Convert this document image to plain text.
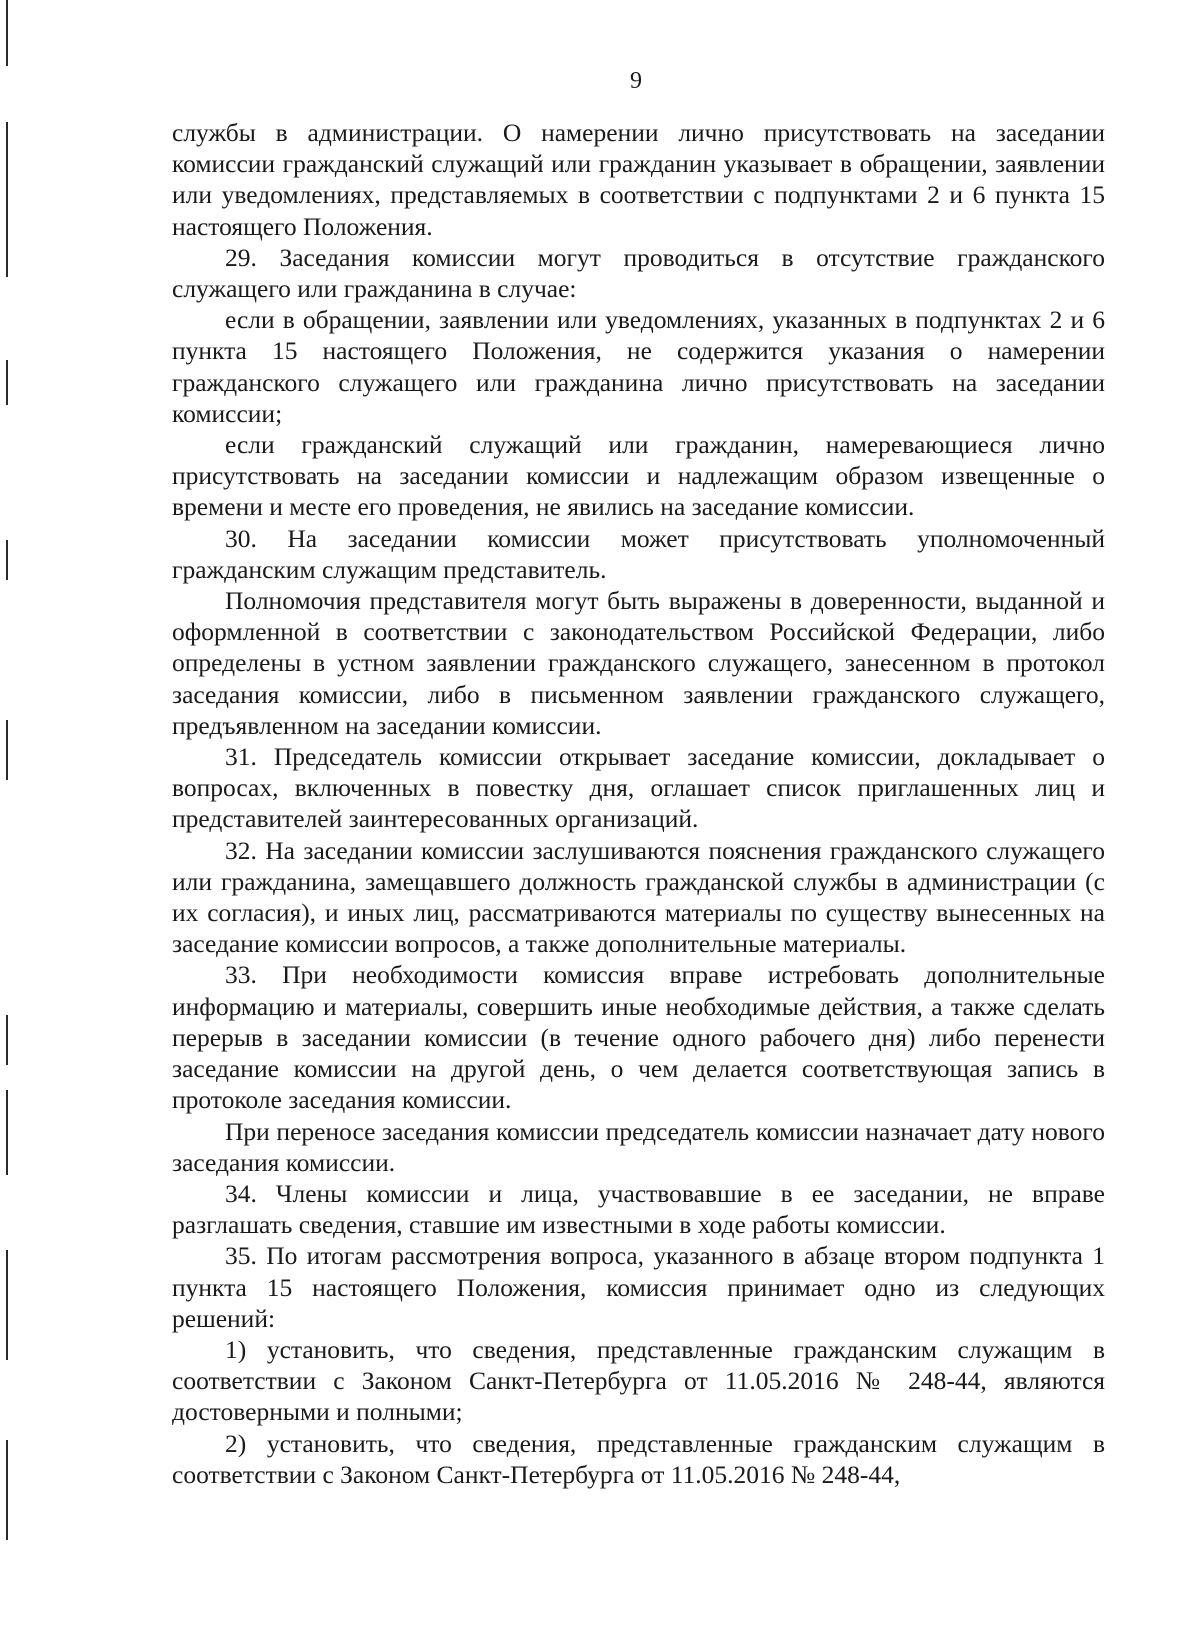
9

службы в администрации. О намерении лично присутствовать на заседании комиссии гражданский служащий или гражданин указывает в обращении, заявлении или уведомлениях, представляемых в соответствии с подпунктами 2 и 6 пункта 15 настоящего Положения.

29. Заседания комиссии могут проводиться в отсутствие гражданского служащего или гражданина в случае:

если в обращении, заявлении или уведомлениях, указанных в подпунктах 2 и 6 пункта 15 настоящего Положения, не содержится указания о намерении гражданского служащего или гражданина лично присутствовать на заседании комиссии;

если гражданский служащий или гражданин, намеревающиеся лично присутствовать на заседании комиссии и надлежащим образом извещенные о времени и месте его проведения, не явились на заседание комиссии.

30. На заседании комиссии может присутствовать уполномоченный гражданским служащим представитель.

Полномочия представителя могут быть выражены в доверенности, выданной и оформленной в соответствии с законодательством Российской Федерации, либо определены в устном заявлении гражданского служащего, занесенном в протокол заседания комиссии, либо в письменном заявлении гражданского служащего, предъявленном на заседании комиссии.

31. Председатель комиссии открывает заседание комиссии, докладывает о вопросах, включенных в повестку дня, оглашает список приглашенных лиц и представителей заинтересованных организаций.

32. На заседании комиссии заслушиваются пояснения гражданского служащего или гражданина, замещавшего должность гражданской службы в администрации (с их согласия), и иных лиц, рассматриваются материалы по существу вынесенных на заседание комиссии вопросов, а также дополнительные материалы.

33. При необходимости комиссия вправе истребовать дополнительные информацию и материалы, совершить иные необходимые действия, а также сделать перерыв в заседании комиссии (в течение одного рабочего дня) либо перенести заседание комиссии на другой день, о чем делается соответствующая запись в протоколе заседания комиссии.

При переносе заседания комиссии председатель комиссии назначает дату нового заседания комиссии.

34. Члены комиссии и лица, участвовавшие в ее заседании, не вправе разглашать сведения, ставшие им известными в ходе работы комиссии.

35. По итогам рассмотрения вопроса, указанного в абзаце втором подпункта 1 пункта 15 настоящего Положения, комиссия принимает одно из следующих решений:

1) установить, что сведения, представленные гражданским служащим в соответствии с Законом Санкт-Петербурга от 11.05.2016 № 248-44, являются достоверными и полными;

2) установить, что сведения, представленные гражданским служащим в соответствии с Законом Санкт-Петербурга от 11.05.2016 № 248-44,
